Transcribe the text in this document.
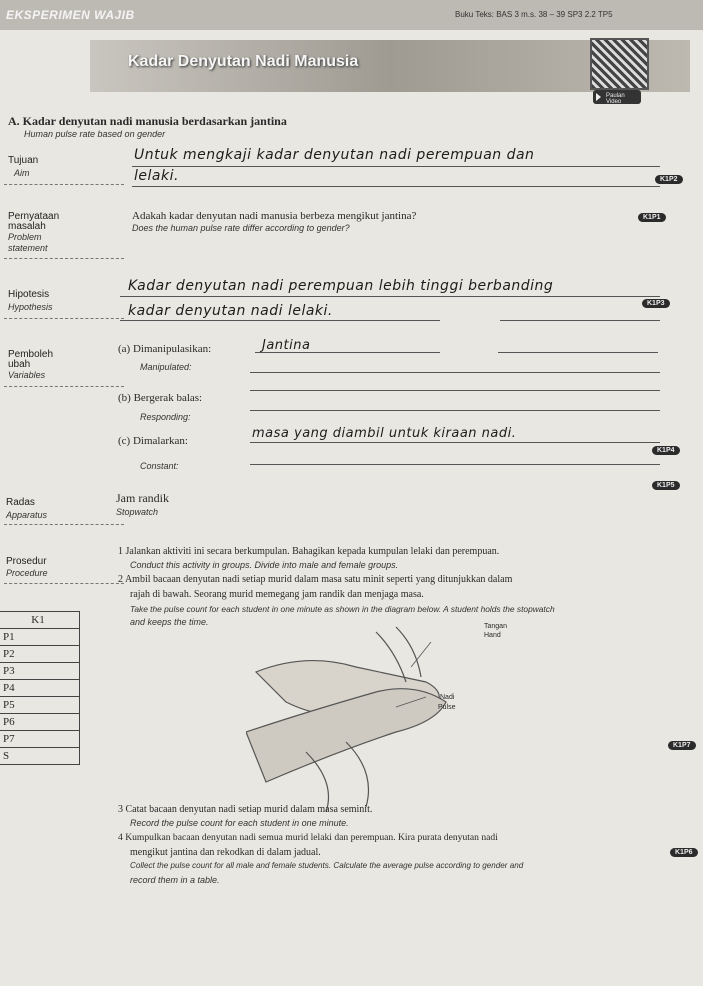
EKSPERIMEN WAJIB	Buku Teks: BAS 3 m.s. 38 – 39 SP3 2.2 TP5
Kadar Denyutan Nadi Manusia
Paulan Video
A. Kadar denyutan nadi manusia berdasarkan jantina
Human pulse rate based on gender
Tujuan
Aim
Untuk mengkaji kadar denyutan nadi perempuan dan
lelaki.	K1P2
Pernyataan
masalah
Problem
statement
Adakah kadar denyutan nadi manusia berbeza mengikut jantina?
Does the human pulse rate differ according to gender?
K1P1
Hipotesis
Hypothesis
Kadar denyutan nadi perempuan lebih tinggi berbanding
kadar denyutan nadi lelaki.	K1P3
Pemboleh
ubah
Variables
(a) Dimanipulasikan:
Manipulated:
Jantina
(b) Bergerak balas:
Responding:
(c) Dimalarkan:
Constant:
masa yang diambil untuk kiraan nadi.
K1P4
Radas
Apparatus
Jam randik
Stopwatch
K1P5
Prosedur
Procedure
1 Jalankan aktiviti ini secara berkumpulan. Bahagikan kepada kumpulan lelaki dan perempuan.
Conduct this activity in groups. Divide into male and female groups.
2 Ambil bacaan denyutan nadi setiap murid dalam masa satu minit seperti yang ditunjukkan dalam
rajah di bawah. Seorang murid memegang jam randik dan menjaga masa.
Take the pulse count for each student in one minute as shown in the diagram below. A student holds the stopwatch
and keeps the time.
K1
P1
P2
P3
P4
P5
P6
P7
S
Tangan
Hand
Nadi
Pulse
K1P7
3 Catat bacaan denyutan nadi setiap murid dalam masa seminit.
Record the pulse count for each student in one minute.
4 Kumpulkan bacaan denyutan nadi semua murid lelaki dan perempuan. Kira purata denyutan nadi
mengikut jantina dan rekodkan di dalam jadual.
Collect the pulse count for all male and female students. Calculate the average pulse according to gender and
record them in a table.
K1P6
